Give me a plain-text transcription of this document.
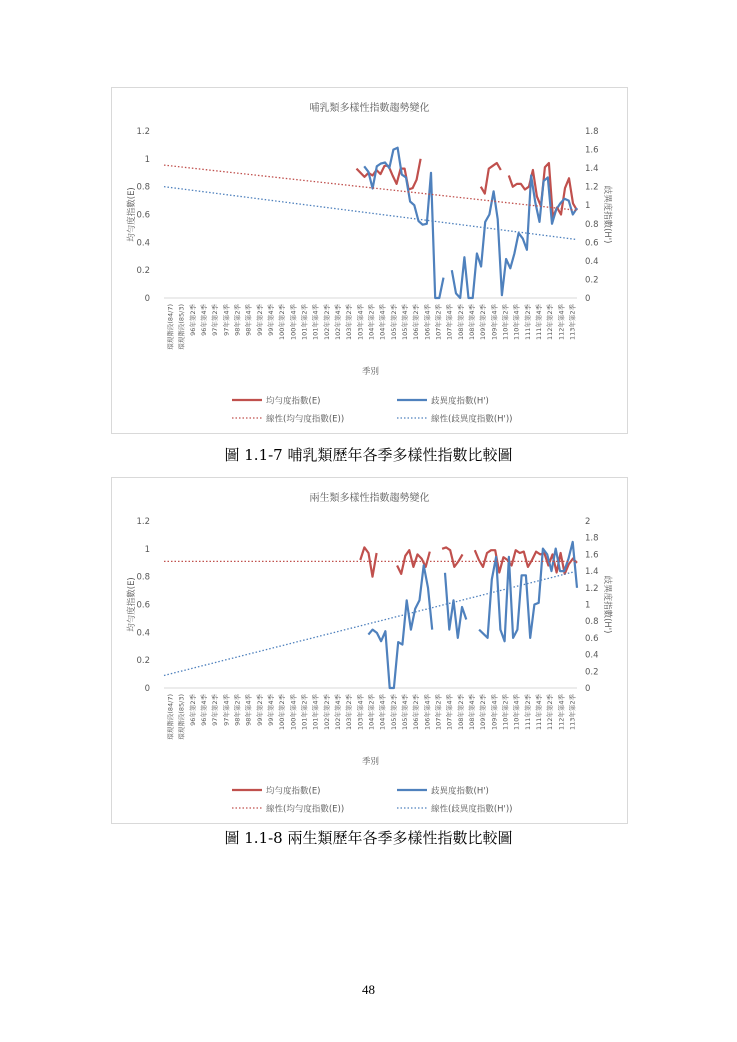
哺乳類多樣性指數趨勢變化
0
0.2
0.4
0.6
0.8
1
1.2
0
0.2
0.4
0.6
0.8
1
1.2
1.4
1.6
1.8
均勻度指數(E)	歧異度指數(H')
環現階段(84/7) 環現階段(85/3) 96年第2季 96年第4季 97年第2季 97年第4季 98年第2季 98年第4季 99年第2季 99年第4季 100年第2季 100年第4季 101年第2季 101年第4季 102年第2季 102年第4季 103年第2季 103年第4季 104年第2季 104年第4季 105年第2季 105年第4季 106年第2季 106年第4季 107年第2季 107年第4季 108年第2季 108年第4季 109年第2季 109年第4季 110年第2季 110年第4季 111年第2季 111年第4季 112年第2季 112年第4季 113年第2季
季別
均勻度指數(E)	歧異度指數(H')
線性(均勻度指數(E))	線性(歧異度指數(H'))
圖 1.1-7 哺乳類歷年各季多樣性指數比較圖
兩生類多樣性指數趨勢變化
0
0.2
0.4
0.6
0.8
1
1.2
0
0.2
0.4
0.6
0.8
1
1.2
1.4
1.6
1.8
2
均勻度指數(E)	歧異度指數(H')
環現階段(84/7) 環現階段(85/3) 96年第2季 96年第4季 97年第2季 97年第4季 98年第2季 98年第4季 99年第2季 99年第4季 100年第2季 100年第4季 101年第2季 101年第4季 102年第2季 102年第4季 103年第2季 103年第4季 104年第2季 104年第4季 105年第2季 105年第4季 106年第2季 106年第4季 107年第2季 107年第4季 108年第2季 108年第4季 109年第2季 109年第4季 110年第2季 110年第4季 111年第2季 111年第4季 112年第2季 112年第4季 113年第2季
季別
均勻度指數(E)	歧異度指數(H')
線性(均勻度指數(E))	線性(歧異度指數(H'))
圖 1.1-8 兩生類歷年各季多樣性指數比較圖
48
